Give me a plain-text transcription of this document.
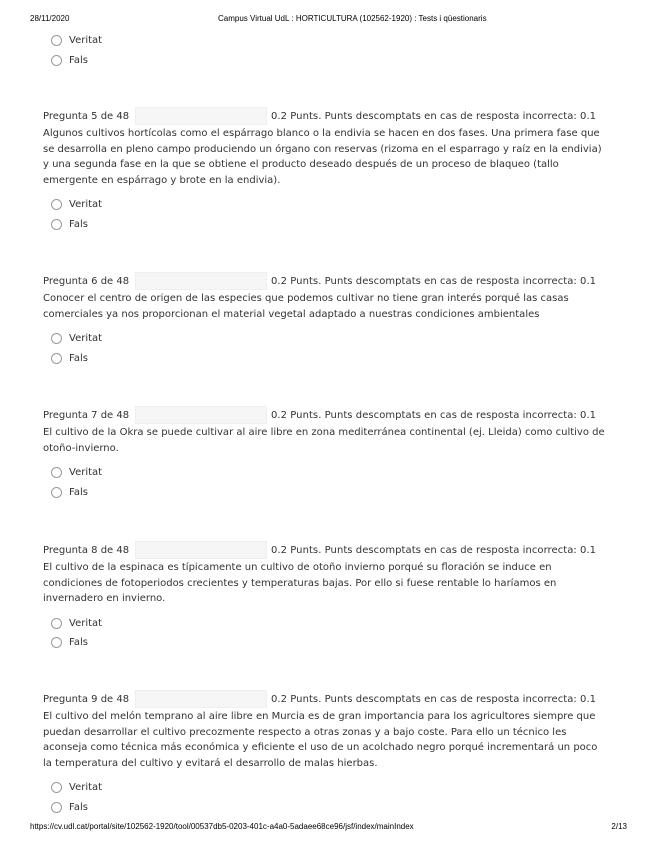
28/11/2020	Campus Virtual UdL : HORTICULTURA (102562-1920) : Tests i qüestionaris
Veritat
Fals
Pregunta 5 de 48	0.2 Punts. Punts descomptats en cas de resposta incorrecta: 0.1

Algunos cultivos hortícolas como el espárrago blanco o la endivia se hacen en dos fases. Una primera fase que se desarrolla en pleno campo produciendo un órgano con reservas (rizoma en el esparrago y raíz en la endivia) y una segunda fase en la que se obtiene el producto deseado después de un proceso de blaqueo (tallo emergente en espárrago y brote en la endivia).

Veritat
Fals
Pregunta 6 de 48	0.2 Punts. Punts descomptats en cas de resposta incorrecta: 0.1

Conocer el centro de origen de las especies que podemos cultivar no tiene gran interés porqué las casas comerciales ya nos proporcionan el material vegetal adaptado a nuestras condiciones ambientales

Veritat
Fals
Pregunta 7 de 48	0.2 Punts. Punts descomptats en cas de resposta incorrecta: 0.1

El cultivo de la Okra se puede cultivar al aire libre en zona mediterránea continental (ej. Lleida) como cultivo de otoño-invierno.

Veritat
Fals
Pregunta 8 de 48	0.2 Punts. Punts descomptats en cas de resposta incorrecta: 0.1

El cultivo de la espinaca es típicamente un cultivo de otoño invierno porqué su floración se induce en condiciones de fotoperiodos crecientes y temperaturas bajas. Por ello si fuese rentable lo haríamos en invernadero en invierno.

Veritat
Fals
Pregunta 9 de 48	0.2 Punts. Punts descomptats en cas de resposta incorrecta: 0.1

El cultivo del melón temprano al aire libre en Murcia es de gran importancia para los agricultores siempre que puedan desarrollar el cultivo precozmente respecto a otras zonas y a bajo coste. Para ello un técnico les aconseja como técnica más económica y eficiente el uso de un acolchado negro porqué incrementará un poco la temperatura del cultivo y evitará el desarrollo de malas hierbas.

Veritat
Fals
https://cv.udl.cat/portal/site/102562-1920/tool/00537db5-0203-401c-a4a0-5adaee68ce96/jsf/index/mainIndex	2/13
